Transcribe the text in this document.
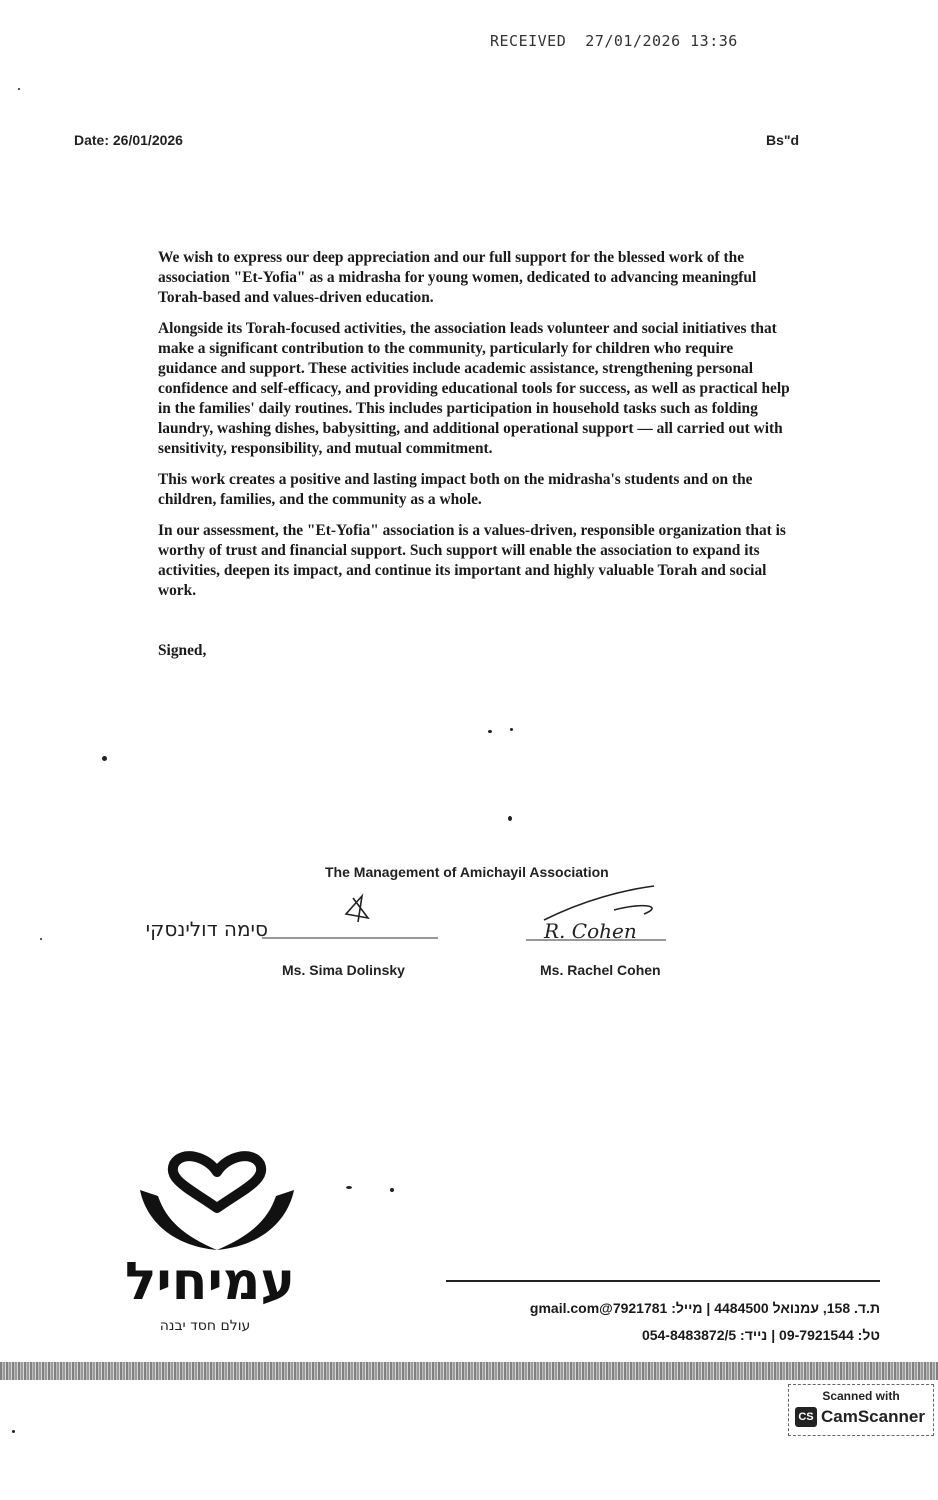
RECEIVED  27/01/2026 13:36
Date: 26/01/2026	Bs"d

We wish to express our deep appreciation and our full support for the blessed work of the association "Et-Yofia" as a midrasha for young women, dedicated to advancing meaningful Torah-based and values-driven education.

Alongside its Torah-focused activities, the association leads volunteer and social initiatives that make a significant contribution to the community, particularly for children who require guidance and support. These activities include academic assistance, strengthening personal confidence and self-efficacy, and providing educational tools for success, as well as practical help in the families' daily routines. This includes participation in household tasks such as folding laundry, washing dishes, babysitting, and additional operational support — all carried out with sensitivity, responsibility, and mutual commitment.

This work creates a positive and lasting impact both on the midrasha's students and on the children, families, and the community as a whole.

In our assessment, the "Et-Yofia" association is a values-driven, responsible organization that is worthy of trust and financial support. Such support will enable the association to expand its activities, deepen its impact, and continue its important and highly valuable Torah and social work.

Signed,
The Management of Amichayil Association
סימה דולינסקי	R. Cohen
Ms. Sima Dolinsky	Ms. Rachel Cohen
עמיחיל
עולם חסד יבנה
ת.ד. 158, עמנואל 4484500 | מייל: 7921781@gmail.com
טל: 09-7921544 | נייד: 054-8483872/5
Scanned with
CS CamScanner
